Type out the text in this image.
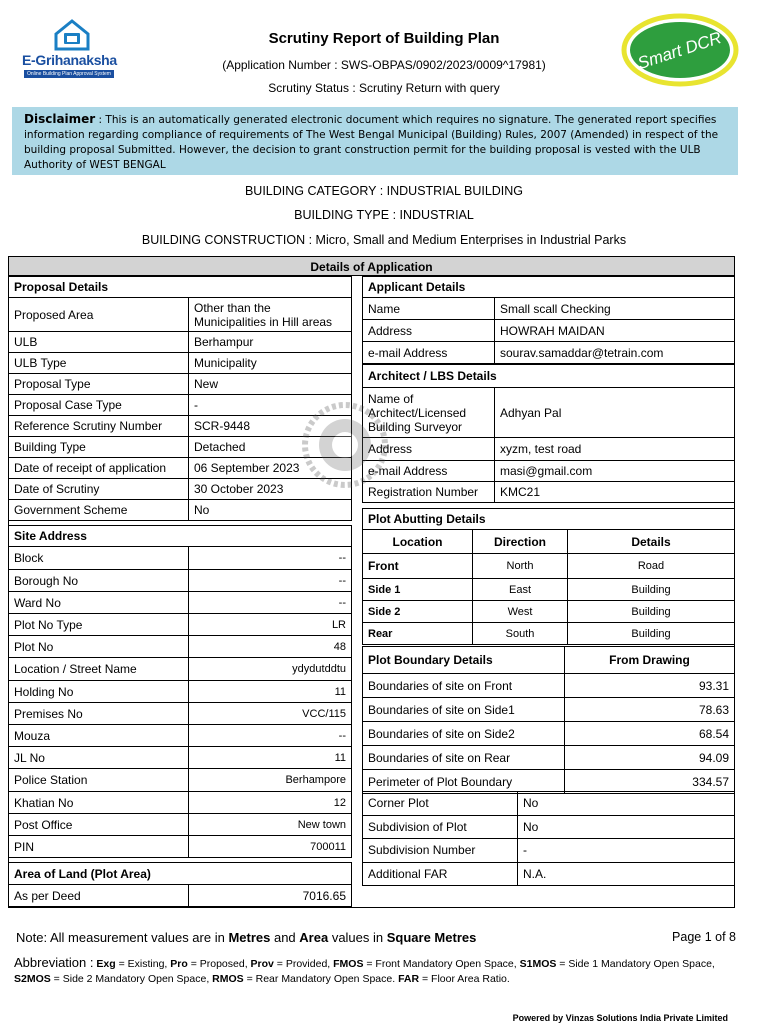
E-Grihanaksha
Online Building Plan Approval System
Scrutiny Report of Building Plan
(Application Number : SWS-OBPAS/0902/2023/0009^17981)
Scrutiny Status : Scrutiny Return with query
Smart DCR
Disclaimer : This is an automatically generated electronic document which requires no signature. The generated report specifies information regarding compliance of requirements of The West Bengal Municipal (Building) Rules, 2007 (Amended) in respect of the building proposal Submitted. However, the decision to grant construction permit for the building proposal is vested with the ULB Authority of WEST BENGAL
BUILDING CATEGORY : INDUSTRIAL BUILDING
BUILDING TYPE : INDUSTRIAL
BUILDING CONSTRUCTION : Micro, Small and Medium Enterprises in Industrial Parks
Details of Application
Proposal Details	
Proposed Area	Other than the Municipalities in Hill areas
ULB	Berhampur
ULB Type	Municipality
Proposal Type	New
Proposal Case Type	-
Reference Scrutiny Number	SCR-9448
Building Type	Detached
Date of receipt of application	06 September 2023
Date of Scrutiny	30 October 2023
Government Scheme	No
Site Address	
Block	--
Borough No	--
Ward No	--
Plot No Type	LR
Plot No	48
Location / Street Name	ydydutddtu
Holding No	11
Premises No	VCC/115
Mouza	--
JL No	11
Police Station	Berhampore
Khatian No	12
Post Office	New town
PIN	700011
Area of Land (Plot Area)
As per Deed	7016.65
Applicant Details	
Name	Small scall Checking
Address	HOWRAH MAIDAN
e-mail Address	sourav.samaddar@tetrain.com
Architect / LBS Details	
Name of Architect/Licensed Building Surveyor	Adhyan Pal
Address	xyzm, test road
e-mail Address	masi@gmail.com
Registration Number	KMC21
Plot Abutting Details		
Location	Direction	Details
Front	North	Road
Side 1	East	Building
Side 2	West	Building
Rear	South	Building
Plot Boundary Details	From Drawing
Boundaries of site on Front	93.31
Boundaries of site on Side1	78.63
Boundaries of site on Side2	68.54
Boundaries of site on Rear	94.09
Perimeter of Plot Boundary	334.57
Corner Plot	No
Subdivision of Plot	No
Subdivision Number	-
Additional FAR	N.A.
Note: All measurement values are in Metres and Area values in Square Metres	Page 1 of 8
Abbreviation : Exg = Existing, Pro = Proposed, Prov = Provided, FMOS = Front Mandatory Open Space, S1MOS = Side 1 Mandatory Open Space, S2MOS = Side 2 Mandatory Open Space, RMOS = Rear Mandatory Open Space. FAR = Floor Area Ratio.
Powered by Vinzas Solutions India Private Limited
